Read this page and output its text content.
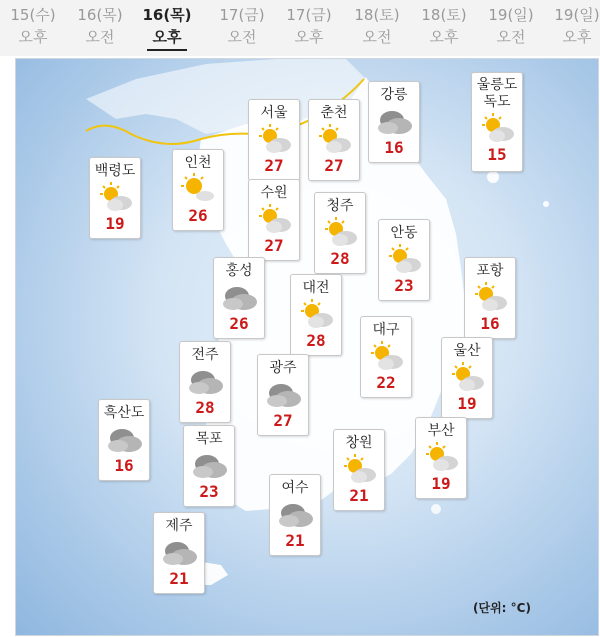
15(수)
오후
16(목)
오전
16(목)
오후
17(금)
오전
17(금)
오후
18(토)
오전
18(토)
오후
19(일)
오전
19(일)
오후
백령도
19
인천
26
서울
27
춘천
27
강릉
16
울릉도
독도
15
수원
27
청주
28
안동
23
홍성
26
대전
28
포항
16
대구
22
전주
28
울산
19
광주
27
흑산도
16
목포
23
창원
21
부산
19
여수
21
제주
21
(단위: °C)
